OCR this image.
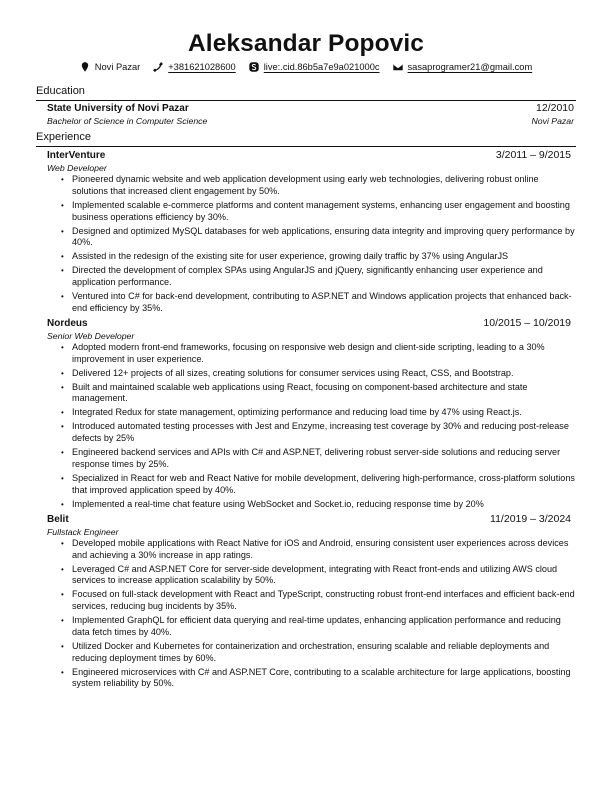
Aleksandar Popovic
Novi Pazar	+381621028600	live:.cid.86b5a7e9a021000c	sasaprogramer21@gmail.com
Education
State University of Novi Pazar	12/2010
Bachelor of Science in Computer Science	Novi Pazar
Experience
InterVenture	3/2011 – 9/2015
Web Developer
• Pioneered dynamic website and web application development using early web technologies, delivering robust online solutions that increased client engagement by 50%.
• Implemented scalable e-commerce platforms and content management systems, enhancing user engagement and boosting business operations efficiency by 30%.
• Designed and optimized MySQL databases for web applications, ensuring data integrity and improving query performance by 40%.
• Assisted in the redesign of the existing site for user experience, growing daily traffic by 37% using AngularJS
• Directed the development of complex SPAs using AngularJS and jQuery, significantly enhancing user experience and application performance.
• Ventured into C# for back-end development, contributing to ASP.NET and Windows application projects that enhanced back-end efficiency by 35%.
Nordeus	10/2015 – 10/2019
Senior Web Developer
• Adopted modern front-end frameworks, focusing on responsive web design and client-side scripting, leading to a 30% improvement in user experience.
• Delivered 12+ projects of all sizes, creating solutions for consumer services using React, CSS, and Bootstrap.
• Built and maintained scalable web applications using React, focusing on component-based architecture and state management.
• Integrated Redux for state management, optimizing performance and reducing load time by 47% using React.js.
• Introduced automated testing processes with Jest and Enzyme, increasing test coverage by 30% and reducing post-release defects by 25%
• Engineered backend services and APIs with C# and ASP.NET, delivering robust server-side solutions and reducing server response times by 25%.
• Specialized in React for web and React Native for mobile development, delivering high-performance, cross-platform solutions that improved application speed by 40%.
• Implemented a real-time chat feature using WebSocket and Socket.io, reducing response time by 20%
Belit	11/2019 – 3/2024
Fullstack Engineer
• Developed mobile applications with React Native for iOS and Android, ensuring consistent user experiences across devices and achieving a 30% increase in app ratings.
• Leveraged C# and ASP.NET Core for server-side development, integrating with React front-ends and utilizing AWS cloud services to increase application scalability by 50%.
• Focused on full-stack development with React and TypeScript, constructing robust front-end interfaces and efficient back-end services, reducing bug incidents by 35%.
• Implemented GraphQL for efficient data querying and real-time updates, enhancing application performance and reducing data fetch times by 40%.
• Utilized Docker and Kubernetes for containerization and orchestration, ensuring scalable and reliable deployments and reducing deployment times by 60%.
• Engineered microservices with C# and ASP.NET Core, contributing to a scalable architecture for large applications, boosting system reliability by 50%.
